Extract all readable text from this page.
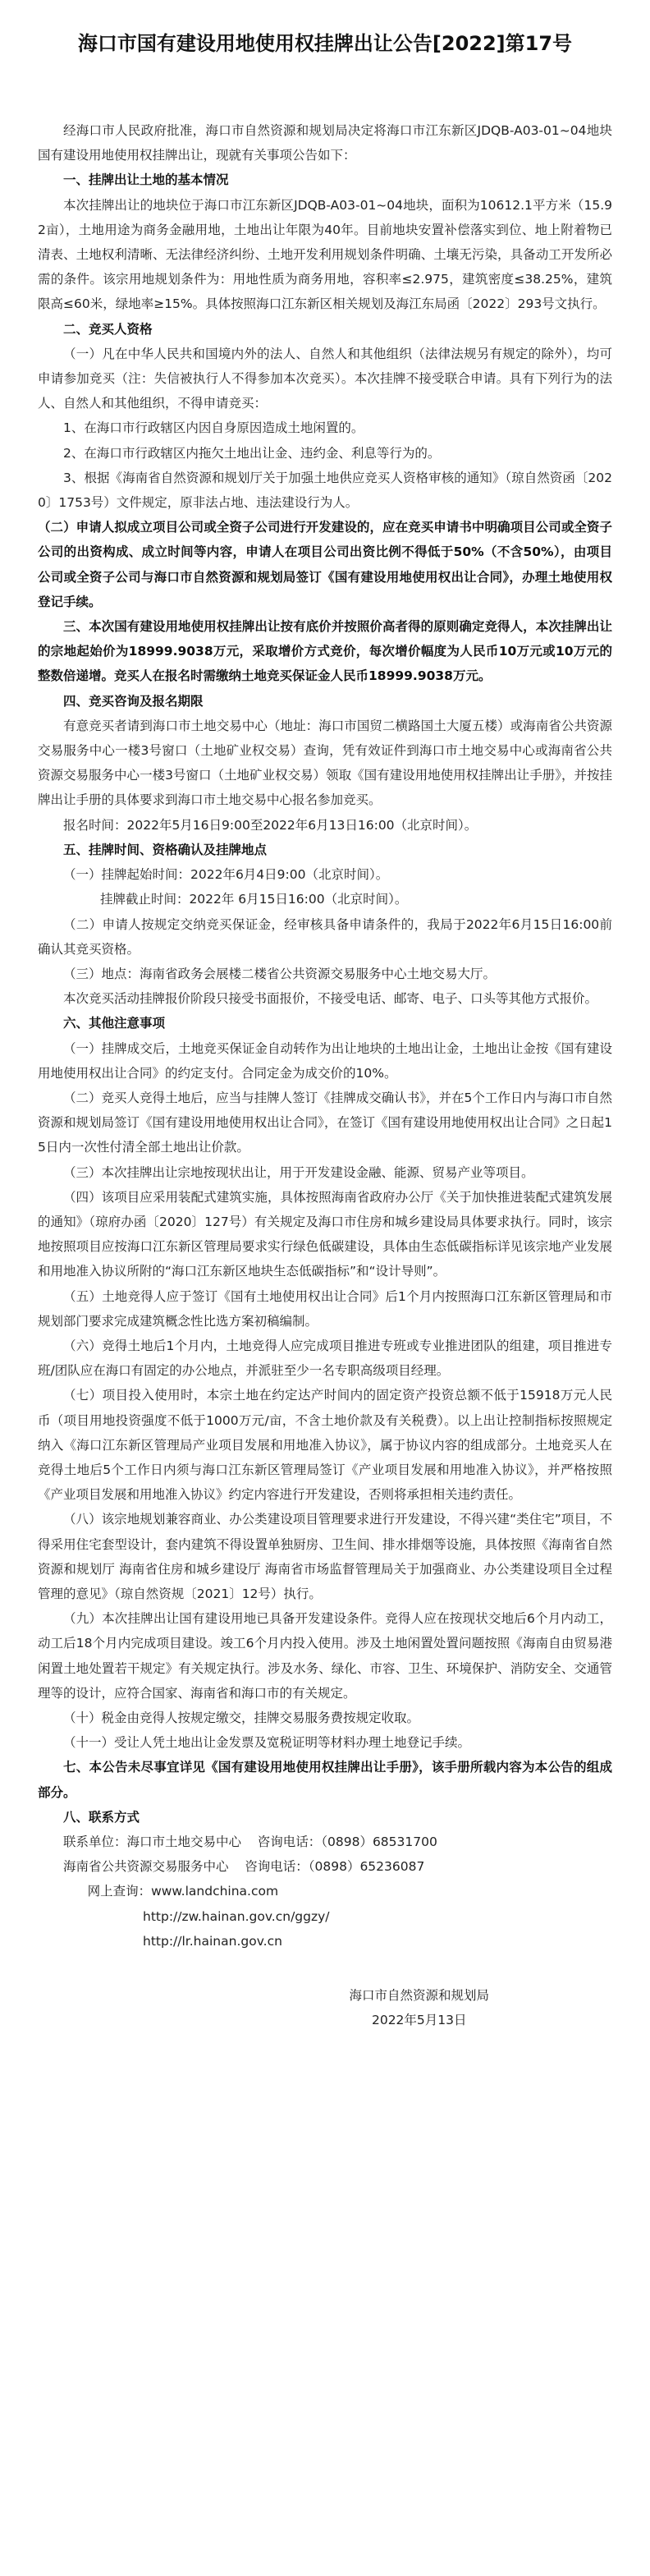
海口市国有建设用地使用权挂牌出让公告[2022]第17号

经海口市人民政府批准，海口市自然资源和规划局决定将海口市江东新区JDQB-A03-01~04地块国有建设用地使用权挂牌出让，现就有关事项公告如下：

一、挂牌出让土地的基本情况

本次挂牌出让的地块位于海口市江东新区JDQB-A03-01~04地块，面积为10612.1平方米（15.92亩），土地用途为商务金融用地，土地出让年限为40年。目前地块安置补偿落实到位、地上附着物已清表、土地权利清晰、无法律经济纠纷、土地开发利用规划条件明确、土壤无污染，具备动工开发所必需的条件。该宗用地规划条件为：用地性质为商务用地，容积率≤2.975，建筑密度≤38.25%，建筑限高≤60米，绿地率≥15%。具体按照海口江东新区相关规划及海江东局函〔2022〕293号文执行。

二、竞买人资格

（一）凡在中华人民共和国境内外的法人、自然人和其他组织（法律法规另有规定的除外），均可申请参加竞买（注：失信被执行人不得参加本次竞买）。本次挂牌不接受联合申请。具有下列行为的法人、自然人和其他组织，不得申请竞买：

1、在海口市行政辖区内因自身原因造成土地闲置的。

2、在海口市行政辖区内拖欠土地出让金、违约金、利息等行为的。

3、根据《海南省自然资源和规划厅关于加强土地供应竞买人资格审核的通知》（琼自然资函〔2020〕1753号）文件规定，原非法占地、违法建设行为人。

（二）申请人拟成立项目公司或全资子公司进行开发建设的，应在竞买申请书中明确项目公司或全资子公司的出资构成、成立时间等内容，申请人在项目公司出资比例不得低于50%（不含50%），由项目公司或全资子公司与海口市自然资源和规划局签订《国有建设用地使用权出让合同》，办理土地使用权登记手续。

三、本次国有建设用地使用权挂牌出让按有底价并按照价高者得的原则确定竞得人，本次挂牌出让的宗地起始价为18999.9038万元，采取增价方式竞价，每次增价幅度为人民币10万元或10万元的整数倍递增。竞买人在报名时需缴纳土地竞买保证金人民币18999.9038万元。

四、竞买咨询及报名期限

有意竞买者请到海口市土地交易中心（地址：海口市国贸二横路国土大厦五楼）或海南省公共资源交易服务中心一楼3号窗口（土地矿业权交易）查询，凭有效证件到海口市土地交易中心或海南省公共资源交易服务中心一楼3号窗口（土地矿业权交易）领取《国有建设用地使用权挂牌出让手册》，并按挂牌出让手册的具体要求到海口市土地交易中心报名参加竞买。

报名时间：2022年5月16日9:00至2022年6月13日16:00（北京时间）。

五、挂牌时间、资格确认及挂牌地点

（一）挂牌起始时间：2022年6月4日9:00（北京时间）。

挂牌截止时间：2022年 6月15日16:00（北京时间）。

（二）申请人按规定交纳竞买保证金，经审核具备申请条件的，我局于2022年6月15日16:00前确认其竞买资格。

（三）地点：海南省政务会展楼二楼省公共资源交易服务中心土地交易大厅。

本次竞买活动挂牌报价阶段只接受书面报价，不接受电话、邮寄、电子、口头等其他方式报价。

六、其他注意事项

（一）挂牌成交后，土地竞买保证金自动转作为出让地块的土地出让金，土地出让金按《国有建设用地使用权出让合同》的约定支付。合同定金为成交价的10%。

（二）竞买人竞得土地后，应当与挂牌人签订《挂牌成交确认书》，并在5个工作日内与海口市自然资源和规划局签订《国有建设用地使用权出让合同》，在签订《国有建设用地使用权出让合同》之日起15日内一次性付清全部土地出让价款。

（三）本次挂牌出让宗地按现状出让，用于开发建设金融、能源、贸易产业等项目。

（四）该项目应采用装配式建筑实施，具体按照海南省政府办公厅《关于加快推进装配式建筑发展的通知》（琼府办函〔2020〕127号）有关规定及海口市住房和城乡建设局具体要求执行。同时，该宗地按照项目应按海口江东新区管理局要求实行绿色低碳建设，具体由生态低碳指标详见该宗地产业发展和用地准入协议所附的“海口江东新区地块生态低碳指标”和“设计导则”。

（五）土地竞得人应于签订《国有土地使用权出让合同》后1个月内按照海口江东新区管理局和市规划部门要求完成建筑概念性比选方案初稿编制。

（六）竞得土地后1个月内，土地竞得人应完成项目推进专班或专业推进团队的组建，项目推进专班/团队应在海口有固定的办公地点，并派驻至少一名专职高级项目经理。

（七）项目投入使用时，本宗土地在约定达产时间内的固定资产投资总额不低于15918万元人民币（项目用地投资强度不低于1000万元/亩，不含土地价款及有关税费）。以上出让控制指标按照规定纳入《海口江东新区管理局产业项目发展和用地准入协议》，属于协议内容的组成部分。土地竞买人在竞得土地后5个工作日内须与海口江东新区管理局签订《产业项目发展和用地准入协议》，并严格按照《产业项目发展和用地准入协议》约定内容进行开发建设，否则将承担相关违约责任。

（八）该宗地规划兼容商业、办公类建设项目管理要求进行开发建设，不得兴建“类住宅”项目，不得采用住宅套型设计，套内建筑不得设置单独厨房、卫生间、排水排烟等设施，具体按照《海南省自然资源和规划厅 海南省住房和城乡建设厅 海南省市场监督管理局关于加强商业、办公类建设项目全过程管理的意见》（琼自然资规〔2021〕12号）执行。

（九）本次挂牌出让国有建设用地已具备开发建设条件。竞得人应在按现状交地后6个月内动工，动工后18个月内完成项目建设。竣工6个月内投入使用。涉及土地闲置处置问题按照《海南自由贸易港闲置土地处置若干规定》有关规定执行。涉及水务、绿化、市容、卫生、环境保护、消防安全、交通管理等的设计，应符合国家、海南省和海口市的有关规定。

（十）税金由竞得人按规定缴交，挂牌交易服务费按规定收取。

（十一）受让人凭土地出让金发票及宽税证明等材料办理土地登记手续。

七、本公告未尽事宜详见《国有建设用地使用权挂牌出让手册》，该手册所载内容为本公告的组成部分。

八、联系方式

联系单位：海口市土地交易中心 咨询电话：（0898）68531700

海南省公共资源交易服务中心 咨询电话：（0898）65236087

网上查询：www.landchina.com

http://zw.hainan.gov.cn/ggzy/

http://lr.hainan.gov.cn

海口市自然资源和规划局
2022年5月13日
